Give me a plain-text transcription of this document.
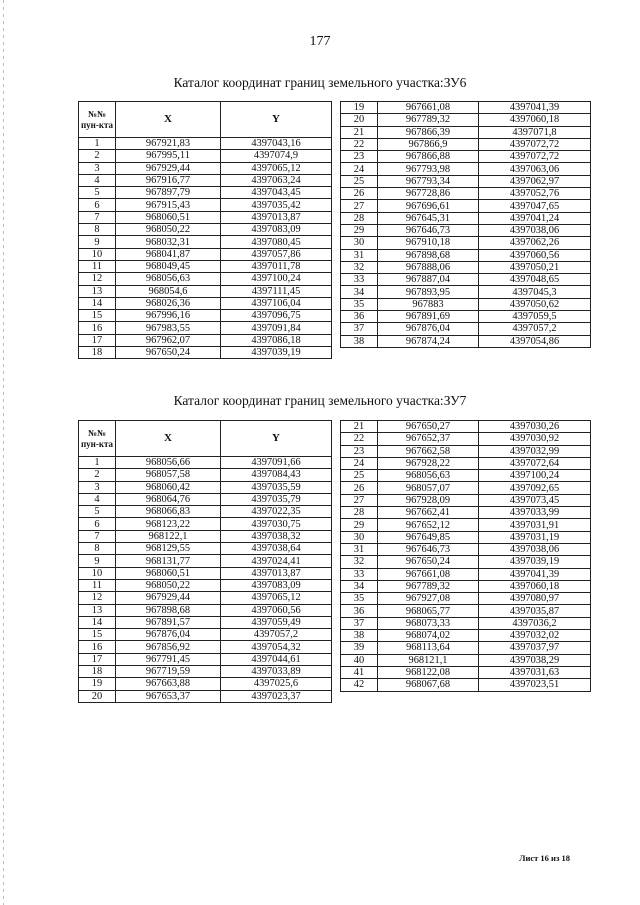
177
Каталог координат границ земельного участка:ЗУ6
№№ пун-кта	X	Y
1	967921,83	4397043,16
2	967995,11	4397074,9
3	967929,44	4397065,12
4	967916,77	4397063,24
5	967897,79	4397043,45
6	967915,43	4397035,42
7	968060,51	4397013,87
8	968050,22	4397083,09
9	968032,31	4397080,45
10	968041,87	4397057,86
11	968049,45	4397011,78
12	968056,63	4397100,24
13	968054,6	4397111,45
14	968026,36	4397106,04
15	967996,16	4397096,75
16	967983,55	4397091,84
17	967962,07	4397086,18
18	967650,24	4397039,19
19	967661,08	4397041,39
20	967789,32	4397060,18
21	967866,39	4397071,8
22	967866,9	4397072,72
23	967866,88	4397072,72
24	967793,98	4397063,06
25	967793,34	4397062,97
26	967728,86	4397052,76
27	967696,61	4397047,65
28	967645,31	4397041,24
29	967646,73	4397038,06
30	967910,18	4397062,26
31	967898,68	4397060,56
32	967888,06	4397050,21
33	967887,04	4397048,65
34	967893,95	4397045,3
35	967883	4397050,62
36	967891,69	4397059,5
37	967876,04	4397057,2
38	967874,24	4397054,86
Каталог координат границ земельного участка:ЗУ7
№№ пун-кта	X	Y
1	968056,66	4397091,66
2	968057,58	4397084,43
3	968060,42	4397035,59
4	968064,76	4397035,79
5	968066,83	4397022,35
6	968123,22	4397030,75
7	968122,1	4397038,32
8	968129,55	4397038,64
9	968131,77	4397024,41
10	968060,51	4397013,87
11	968050,22	4397083,09
12	967929,44	4397065,12
13	967898,68	4397060,56
14	967891,57	4397059,49
15	967876,04	4397057,2
16	967856,92	4397054,32
17	967791,45	4397044,61
18	967719,59	4397033,89
19	967663,88	4397025,6
20	967653,37	4397023,37
21	967650,27	4397030,26
22	967652,37	4397030,92
23	967662,58	4397032,99
24	967928,22	4397072,64
25	968056,63	4397100,24
26	968057,07	4397092,65
27	967928,09	4397073,45
28	967662,41	4397033,99
29	967652,12	4397031,91
30	967649,85	4397031,19
31	967646,73	4397038,06
32	967650,24	4397039,19
33	967661,08	4397041,39
34	967789,32	4397060,18
35	967927,08	4397080,97
36	968065,77	4397035,87
37	968073,33	4397036,2
38	968074,02	4397032,02
39	968113,64	4397037,97
40	968121,1	4397038,29
41	968122,08	4397031,63
42	968067,68	4397023,51
Лист 16 из 18
